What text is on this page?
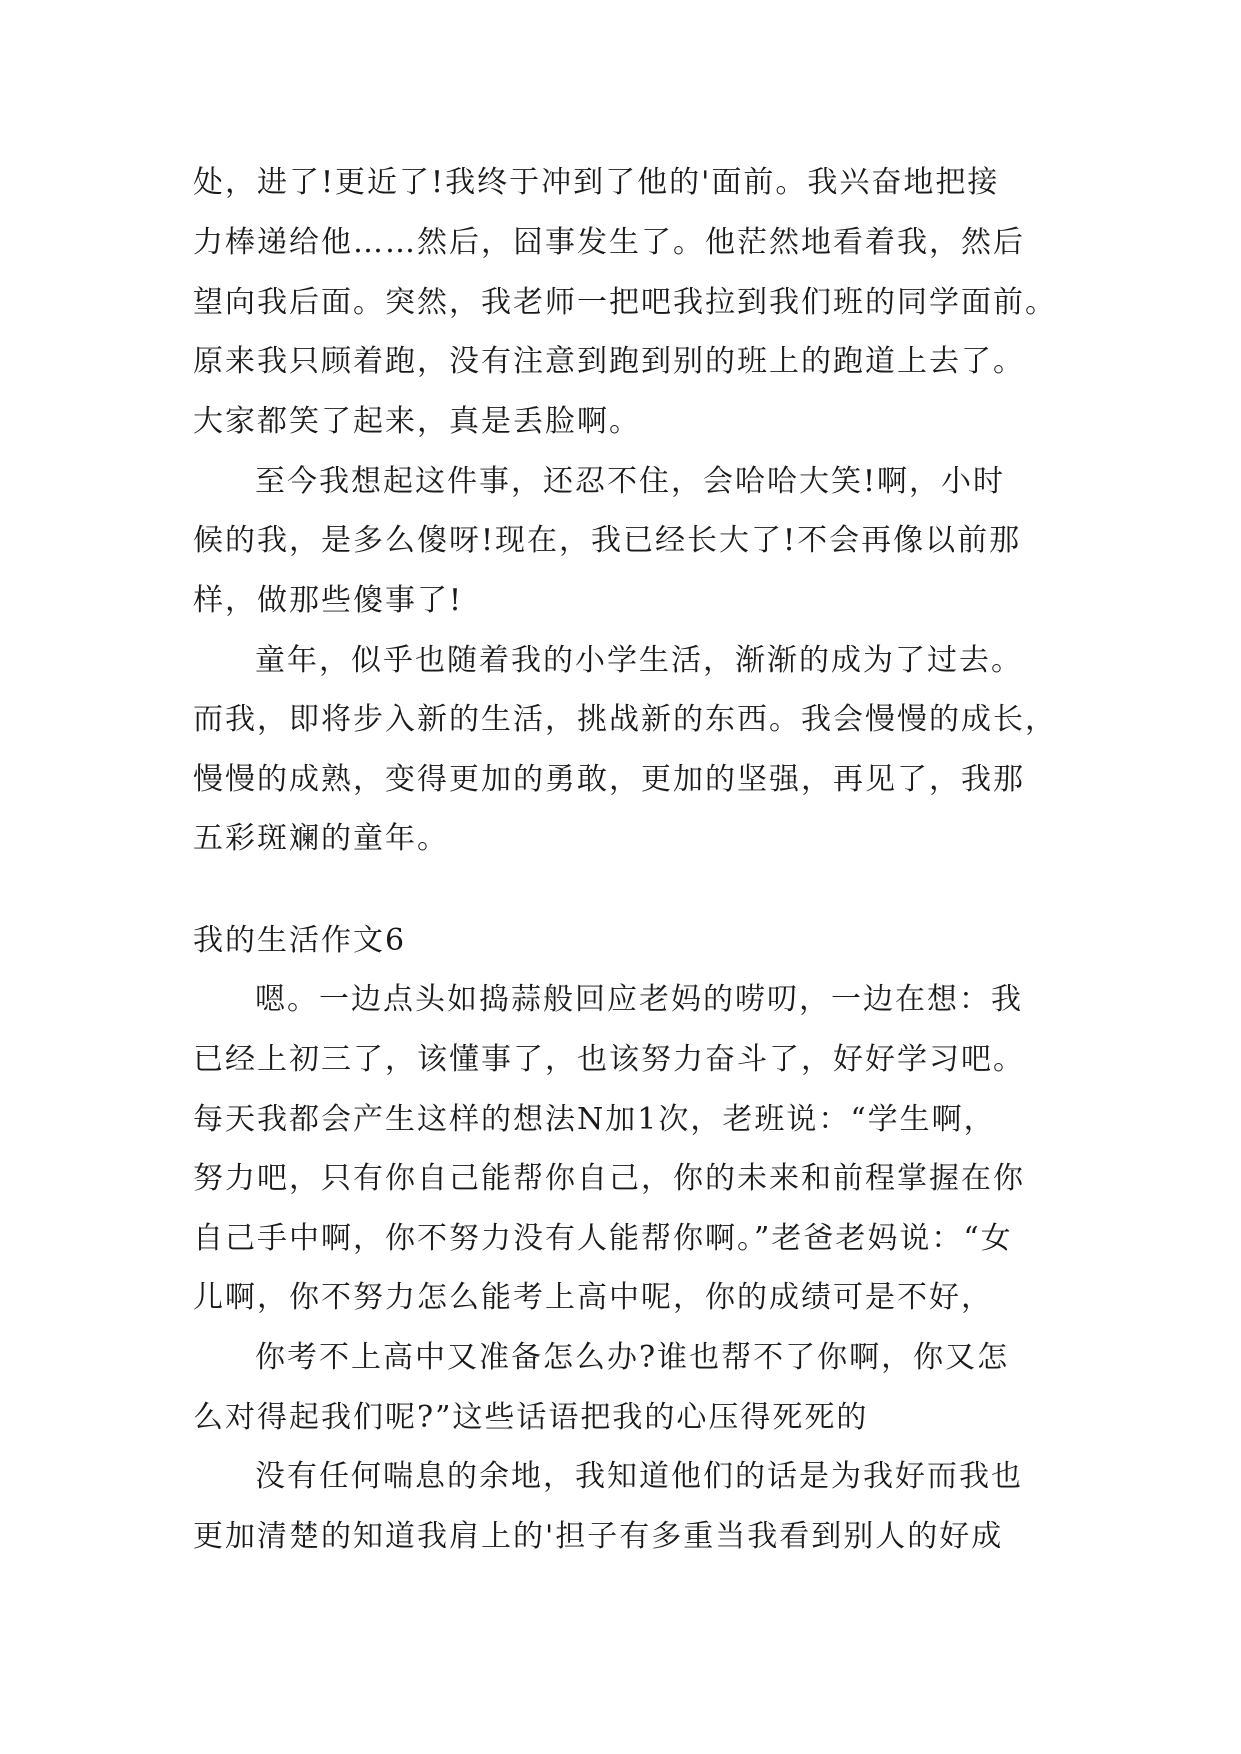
处，进了!更近了!我终于冲到了他的'面前。我兴奋地把接
力棒递给他……然后，囧事发生了。他茫然地看着我，然后
望向我后面。突然，我老师一把吧我拉到我们班的同学面前。
原来我只顾着跑，没有注意到跑到别的班上的跑道上去了。
大家都笑了起来，真是丢脸啊。
至今我想起这件事，还忍不住，会哈哈大笑!啊，小时
候的我，是多么傻呀!现在，我已经长大了!不会再像以前那
样，做那些傻事了!
童年，似乎也随着我的小学生活，渐渐的成为了过去。
而我，即将步入新的生活，挑战新的东西。我会慢慢的成长，
慢慢的成熟，变得更加的勇敢，更加的坚强，再见了，我那
五彩斑斓的童年。
我的生活作文6
嗯。一边点头如捣蒜般回应老妈的唠叨，一边在想：我
已经上初三了，该懂事了，也该努力奋斗了，好好学习吧。
每天我都会产生这样的想法N加1次，老班说：“学生啊，
努力吧，只有你自己能帮你自己，你的未来和前程掌握在你
自己手中啊，你不努力没有人能帮你啊。”老爸老妈说：“女
儿啊，你不努力怎么能考上高中呢，你的成绩可是不好，
你考不上高中又准备怎么办?谁也帮不了你啊，你又怎
么对得起我们呢?”这些话语把我的心压得死死的
没有任何喘息的余地，我知道他们的话是为我好而我也
更加清楚的知道我肩上的'担子有多重当我看到别人的好成
